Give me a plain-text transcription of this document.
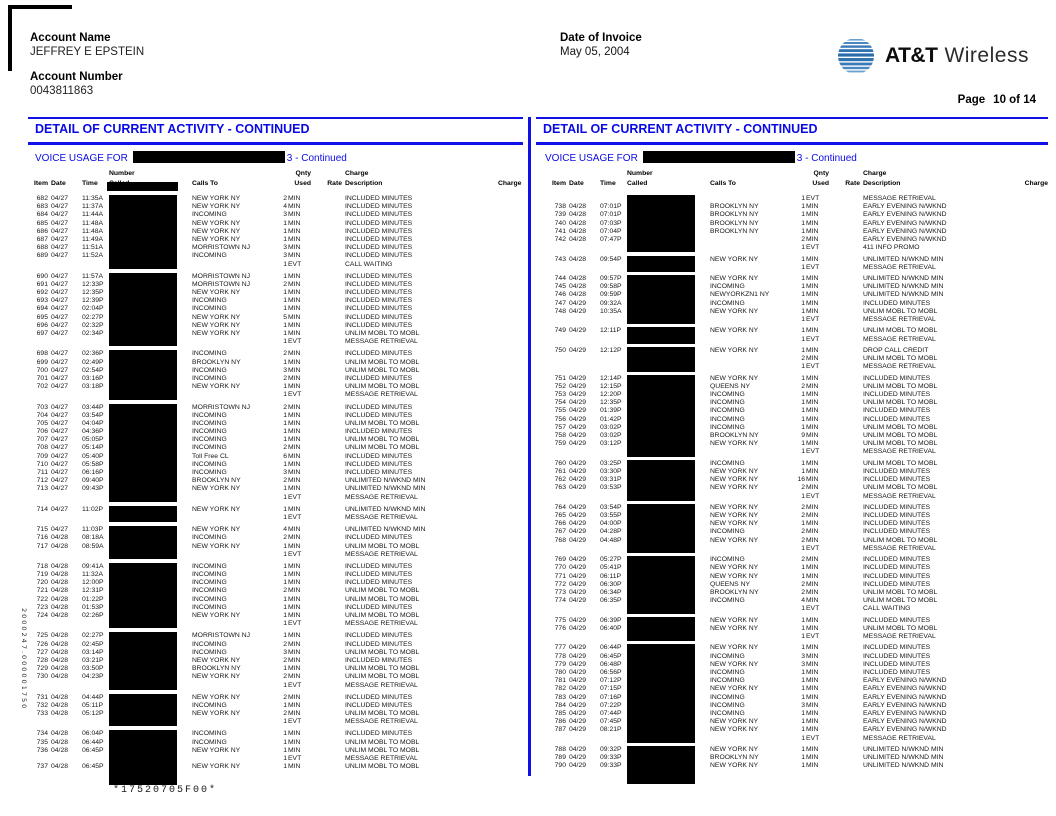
Account Name
JEFFREY E EPSTEIN
Account Number
0043811863
Date of Invoice
May 05, 2004	AT&T Wireless
Page 10 of 14
DETAIL OF CURRENT ACTIVITY - CONTINUED	DETAIL OF CURRENT ACTIVITY - CONTINUED
VOICE USAGE FOR	3 - Continued	VOICE USAGE FOR	3 - Continued
Number	Qnty	Charge
Item Date	Time	Calls To	Used	Rate Description	Charge
682 04/27	11:35A	NEW YORK NY	2 MIN	INCLUDED MINUTES
683 04/27	11:37A	NEW YORK NY	4 MIN	INCLUDED MINUTES
684 04/27	11:44A	INCOMING	3 MIN	INCLUDED MINUTES
685 04/27	11:48A	NEW YORK NY	1 MIN	INCLUDED MINUTES
686 04/27	11:48A	NEW YORK NY	1 MIN	INCLUDED MINUTES
687 04/27	11:49A	NEW YORK NY	1 MIN	INCLUDED MINUTES
688 04/27	11:51A	MORRISTOWN NJ	3 MIN	INCLUDED MINUTES
689 04/27	11:52A	INCOMING	3 MIN	INCLUDED MINUTES
1 EVT	CALL WAITING
690 04/27	11:57A	MORRISTOWN NJ	1 MIN	INCLUDED MINUTES
691 04/27	12:33P	MORRISTOWN NJ	2 MIN	INCLUDED MINUTES
692 04/27	12:35P	NEW YORK NY	1 MIN	INCLUDED MINUTES
693 04/27	12:39P	INCOMING	1 MIN	INCLUDED MINUTES
694 04/27	02:04P	INCOMING	1 MIN	INCLUDED MINUTES
695 04/27	02:27P	NEW YORK NY	5 MIN	INCLUDED MINUTES
696 04/27	02:32P	NEW YORK NY	1 MIN	INCLUDED MINUTES
697 04/27	02:34P	NEW YORK NY	1 MIN	UNLIM MOBL TO MOBL
1 EVT	MESSAGE RETRIEVAL
698 04/27	02:36P	INCOMING	2 MIN	INCLUDED MINUTES
699 04/27	02:49P	BROOKLYN NY	1 MIN	UNLIM MOBL TO MOBL
700 04/27	02:54P	INCOMING	3 MIN	UNLIM MOBL TO MOBL
701 04/27	03:16P	INCOMING	2 MIN	INCLUDED MINUTES
702 04/27	03:18P	NEW YORK NY	1 MIN	UNLIM MOBL TO MOBL
1 EVT	MESSAGE RETRIEVAL
703 04/27	03:44P	MORRISTOWN NJ	2 MIN	INCLUDED MINUTES
704 04/27	03:54P	INCOMING	1 MIN	INCLUDED MINUTES
705 04/27	04:04P	INCOMING	1 MIN	UNLIM MOBL TO MOBL
706 04/27	04:36P	INCOMING	1 MIN	INCLUDED MINUTES
707 04/27	05:05P	INCOMING	1 MIN	UNLIM MOBL TO MOBL
708 04/27	05:14P	INCOMING	2 MIN	UNLIM MOBL TO MOBL
709 04/27	05:40P	Toll Free CL	6 MIN	INCLUDED MINUTES
710 04/27	05:58P	INCOMING	1 MIN	INCLUDED MINUTES
711 04/27	06:16P	INCOMING	3 MIN	INCLUDED MINUTES
712 04/27	09:40P	BROOKLYN NY	2 MIN	UNLIMITED N/WKND MIN
713 04/27	09:43P	NEW YORK NY	1 MIN	UNLIMITED N/WKND MIN
1 EVT	MESSAGE RETRIEVAL
714 04/27	11:02P	NEW YORK NY	1 MIN	UNLIMITED N/WKND MIN
1 EVT	MESSAGE RETRIEVAL
715 04/27	11:03P	NEW YORK NY	4 MIN	UNLIMITED N/WKND MIN
716 04/28	08:18A	INCOMING	2 MIN	INCLUDED MINUTES
717 04/28	08:59A	NEW YORK NY	1 MIN	UNLIM MOBL TO MOBL
1 EVT	MESSAGE RETRIEVAL
718 04/28	09:41A	INCOMING	1 MIN	INCLUDED MINUTES
719 04/28	11:32A	INCOMING	1 MIN	INCLUDED MINUTES
720 04/28	12:00P	INCOMING	1 MIN	INCLUDED MINUTES
721 04/28	12:31P	INCOMING	2 MIN	UNLIM MOBL TO MOBL
722 04/28	01:22P	INCOMING	1 MIN	UNLIM MOBL TO MOBL
723 04/28	01:53P	INCOMING	1 MIN	INCLUDED MINUTES
724 04/28	02:26P	NEW YORK NY	1 MIN	UNLIM MOBL TO MOBL
1 EVT	MESSAGE RETRIEVAL
725 04/28	02:27P	MORRISTOWN NJ	1 MIN	INCLUDED MINUTES
726 04/28	02:45P	INCOMING	2 MIN	INCLUDED MINUTES
727 04/28	03:14P	INCOMING	3 MIN	UNLIM MOBL TO MOBL
728 04/28	03:21P	NEW YORK NY	2 MIN	INCLUDED MINUTES
729 04/28	03:50P	BROOKLYN NY	1 MIN	UNLIM MOBL TO MOBL
730 04/28	04:23P	NEW YORK NY	2 MIN	UNLIM MOBL TO MOBL
1 EVT	MESSAGE RETRIEVAL
731 04/28	04:44P	NEW YORK NY	2 MIN	INCLUDED MINUTES
732 04/28	05:11P	INCOMING	1 MIN	INCLUDED MINUTES
733 04/28	05:12P	NEW YORK NY	2 MIN	UNLIM MOBL TO MOBL
1 EVT	MESSAGE RETRIEVAL
734 04/28	06:04P	INCOMING	1 MIN	INCLUDED MINUTES
735 04/28	06:44P	INCOMING	1 MIN	UNLIM MOBL TO MOBL
736 04/28	06:45P	NEW YORK NY	1 MIN	UNLIM MOBL TO MOBL
1 EVT	MESSAGE RETRIEVAL
737 04/28	06:45P	NEW YORK NY	1 MIN	UNLIM MOBL TO MOBL
Number	Qnty	Charge
Item Date	Time	Called	Calls To	Used	Rate Description	Charge
1 EVT	MESSAGE RETRIEVAL
738 04/28	07:01P	BROOKLYN NY	1 MIN	EARLY EVENING N/WKND
739 04/28	07:01P	BROOKLYN NY	1 MIN	EARLY EVENING N/WKND
740 04/28	07:03P	BROOKLYN NY	1 MIN	EARLY EVENING N/WKND
741 04/28	07:04P	BROOKLYN NY	1 MIN	EARLY EVENING N/WKND
742 04/28	07:47P	2 MIN	EARLY EVENING N/WKND
1 EVT	411 INFO PROMO
743 04/28	09:54P	NEW YORK NY	1 MIN	UNLIMITED N/WKND MIN
1 EVT	MESSAGE RETRIEVAL
744 04/28	09:57P	NEW YORK NY	1 MIN	UNLIMITED N/WKND MIN
745 04/28	09:58P	INCOMING	1 MIN	UNLIMITED N/WKND MIN
746 04/28	09:59P	NEWYORKZN1 NY	1 MIN	UNLIMITED N/WKND MIN
747 04/29	09:32A	INCOMING	1 MIN	INCLUDED MINUTES
748 04/29	10:35A	NEW YORK NY	1 MIN	UNLIM MOBL TO MOBL
1 EVT	MESSAGE RETRIEVAL
749 04/29	12:11P	NEW YORK NY	1 MIN	UNLIM MOBL TO MOBL
1 EVT	MESSAGE RETRIEVAL
750 04/29	12:12P	NEW YORK NY	1 MIN	DROP CALL CREDIT
2 MIN	UNLIM MOBL TO MOBL
1 EVT	MESSAGE RETRIEVAL
751 04/29	12:14P	NEW YORK NY	1 MIN	INCLUDED MINUTES
752 04/29	12:15P	QUEENS NY	2 MIN	UNLIM MOBL TO MOBL
753 04/29	12:20P	INCOMING	1 MIN	INCLUDED MINUTES
754 04/29	12:35P	INCOMING	1 MIN	UNLIM MOBL TO MOBL
755 04/29	01:39P	INCOMING	1 MIN	INCLUDED MINUTES
756 04/29	01:42P	INCOMING	1 MIN	INCLUDED MINUTES
757 04/29	03:02P	INCOMING	1 MIN	UNLIM MOBL TO MOBL
758 04/29	03:02P	BROOKLYN NY	9 MIN	UNLIM MOBL TO MOBL
759 04/29	03:12P	NEW YORK NY	1 MIN	UNLIM MOBL TO MOBL
1 EVT	MESSAGE RETRIEVAL
760 04/29	03:25P	INCOMING	1 MIN	UNLIM MOBL TO MOBL
761 04/29	03:30P	NEW YORK NY	1 MIN	INCLUDED MINUTES
762 04/29	03:31P	NEW YORK NY	16 MIN	INCLUDED MINUTES
763 04/29	03:53P	NEW YORK NY	2 MIN	UNLIM MOBL TO MOBL
1 EVT	MESSAGE RETRIEVAL
764 04/29	03:54P	NEW YORK NY	2 MIN	INCLUDED MINUTES
765 04/29	03:55P	NEW YORK NY	2 MIN	INCLUDED MINUTES
766 04/29	04:00P	NEW YORK NY	1 MIN	INCLUDED MINUTES
767 04/29	04:28P	INCOMING	2 MIN	INCLUDED MINUTES
768 04/29	04:48P	NEW YORK NY	2 MIN	UNLIM MOBL TO MOBL
1 EVT	MESSAGE RETRIEVAL
769 04/29	05:27P	INCOMING	2 MIN	INCLUDED MINUTES
770 04/29	05:41P	NEW YORK NY	1 MIN	INCLUDED MINUTES
771 04/29	06:11P	NEW YORK NY	1 MIN	INCLUDED MINUTES
772 04/29	06:30P	QUEENS NY	2 MIN	INCLUDED MINUTES
773 04/29	06:34P	BROOKLYN NY	2 MIN	UNLIM MOBL TO MOBL
774 04/29	06:35P	INCOMING	4 MIN	UNLIM MOBL TO MOBL
1 EVT	CALL WAITING
775 04/29	06:39P	NEW YORK NY	1 MIN	INCLUDED MINUTES
776 04/29	06:40P	NEW YORK NY	1 MIN	UNLIM MOBL TO MOBL
1 EVT	MESSAGE RETRIEVAL
777 04/29	06:44P	NEW YORK NY	1 MIN	INCLUDED MINUTES
778 04/29	06:45P	INCOMING	3 MIN	INCLUDED MINUTES
779 04/29	06:48P	NEW YORK NY	3 MIN	INCLUDED MINUTES
780 04/29	06:56P	INCOMING	1 MIN	INCLUDED MINUTES
781 04/29	07:12P	INCOMING	1 MIN	EARLY EVENING N/WKND
782 04/29	07:15P	NEW YORK NY	1 MIN	EARLY EVENING N/WKND
783 04/29	07:16P	INCOMING	1 MIN	EARLY EVENING N/WKND
784 04/29	07:22P	INCOMING	3 MIN	EARLY EVENING N/WKND
785 04/29	07:44P	INCOMING	1 MIN	EARLY EVENING N/WKND
786 04/29	07:45P	NEW YORK NY	1 MIN	EARLY EVENING N/WKND
787 04/29	08:21P	NEW YORK NY	1 MIN	EARLY EVENING N/WKND
1 EVT	MESSAGE RETRIEVAL
788 04/29	09:32P	NEW YORK NY	1 MIN	UNLIMITED N/WKND MIN
789 04/29	09:33P	BROOKLYN NY	1 MIN	UNLIMITED N/WKND MIN
790 04/29	09:33P	NEW YORK NY	1 MIN	UNLIMITED N/WKND MIN
*17520705F00*
2000247.000001750
